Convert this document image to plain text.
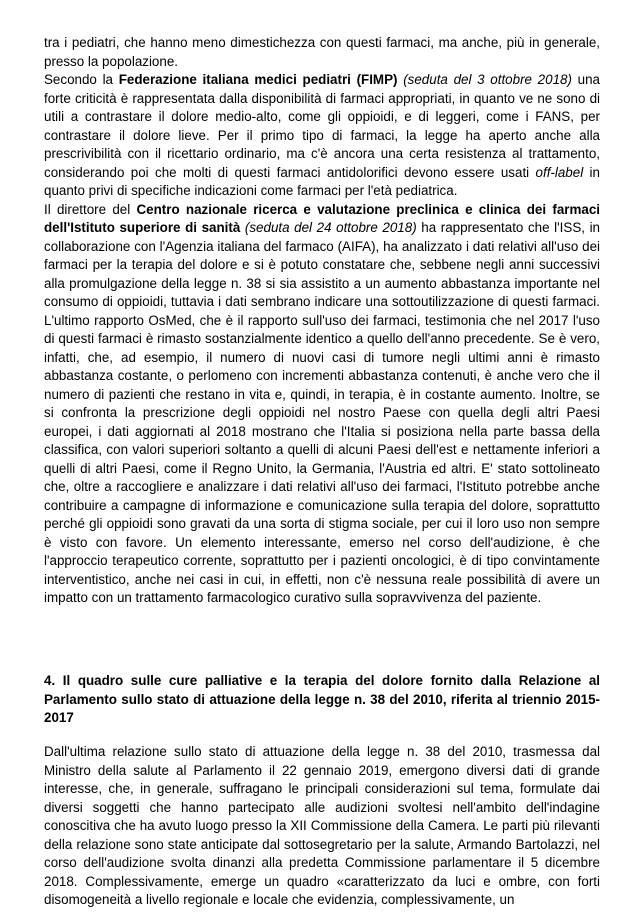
tra i pediatri, che hanno meno dimestichezza con questi farmaci, ma anche, più in generale, presso la popolazione.

Secondo la Federazione italiana medici pediatri (FIMP) (seduta del 3 ottobre 2018) una forte criticità è rappresentata dalla disponibilità di farmaci appropriati, in quanto ve ne sono di utili a contrastare il dolore medio-alto, come gli oppioidi, e di leggeri, come i FANS, per contrastare il dolore lieve. Per il primo tipo di farmaci, la legge ha aperto anche alla prescrivibilità con il ricettario ordinario, ma c'è ancora una certa resistenza al trattamento, considerando poi che molti di questi farmaci antidolorifici devono essere usati off-label in quanto privi di specifiche indicazioni come farmaci per l'età pediatrica.

Il direttore del Centro nazionale ricerca e valutazione preclinica e clinica dei farmaci dell'Istituto superiore di sanità (seduta del 24 ottobre 2018) ha rappresentato che l'ISS, in collaborazione con l'Agenzia italiana del farmaco (AIFA), ha analizzato i dati relativi all'uso dei farmaci per la terapia del dolore e si è potuto constatare che, sebbene negli anni successivi alla promulgazione della legge n. 38 si sia assistito a un aumento abbastanza importante nel consumo di oppioidi, tuttavia i dati sembrano indicare una sottoutilizzazione di questi farmaci. L'ultimo rapporto OsMed, che è il rapporto sull'uso dei farmaci, testimonia che nel 2017 l'uso di questi farmaci è rimasto sostanzialmente identico a quello dell'anno precedente. Se è vero, infatti, che, ad esempio, il numero di nuovi casi di tumore negli ultimi anni è rimasto abbastanza costante, o perlomeno con incrementi abbastanza contenuti, è anche vero che il numero di pazienti che restano in vita e, quindi, in terapia, è in costante aumento. Inoltre, se si confronta la prescrizione degli oppioidi nel nostro Paese con quella degli altri Paesi europei, i dati aggiornati al 2018 mostrano che l'Italia si posiziona nella parte bassa della classifica, con valori superiori soltanto a quelli di alcuni Paesi dell'est e nettamente inferiori a quelli di altri Paesi, come il Regno Unito, la Germania, l'Austria ed altri. E' stato sottolineato che, oltre a raccogliere e analizzare i dati relativi all'uso dei farmaci, l'Istituto potrebbe anche contribuire a campagne di informazione e comunicazione sulla terapia del dolore, soprattutto perché gli oppioidi sono gravati da una sorta di stigma sociale, per cui il loro uso non sempre è visto con favore. Un elemento interessante, emerso nel corso dell'audizione, è che l'approccio terapeutico corrente, soprattutto per i pazienti oncologici, è di tipo convintamente interventistico, anche nei casi in cui, in effetti, non c'è nessuna reale possibilità di avere un impatto con un trattamento farmacologico curativo sulla sopravvivenza del paziente.

4. Il quadro sulle cure palliative e la terapia del dolore fornito dalla Relazione al Parlamento sullo stato di attuazione della legge n. 38 del 2010, riferita al triennio 2015-2017

Dall'ultima relazione sullo stato di attuazione della legge n. 38 del 2010, trasmessa dal Ministro della salute al Parlamento il 22 gennaio 2019, emergono diversi dati di grande interesse, che, in generale, suffragano le principali considerazioni sul tema, formulate dai diversi soggetti che hanno partecipato alle audizioni svoltesi nell'ambito dell'indagine conoscitiva che ha avuto luogo presso la XII Commissione della Camera. Le parti più rilevanti della relazione sono state anticipate dal sottosegretario per la salute, Armando Bartolazzi, nel corso dell'audizione svolta dinanzi alla predetta Commissione parlamentare il 5 dicembre 2018. Complessivamente, emerge un quadro «caratterizzato da luci e ombre, con forti disomogeneità a livello regionale e locale che evidenzia, complessivamente, un
